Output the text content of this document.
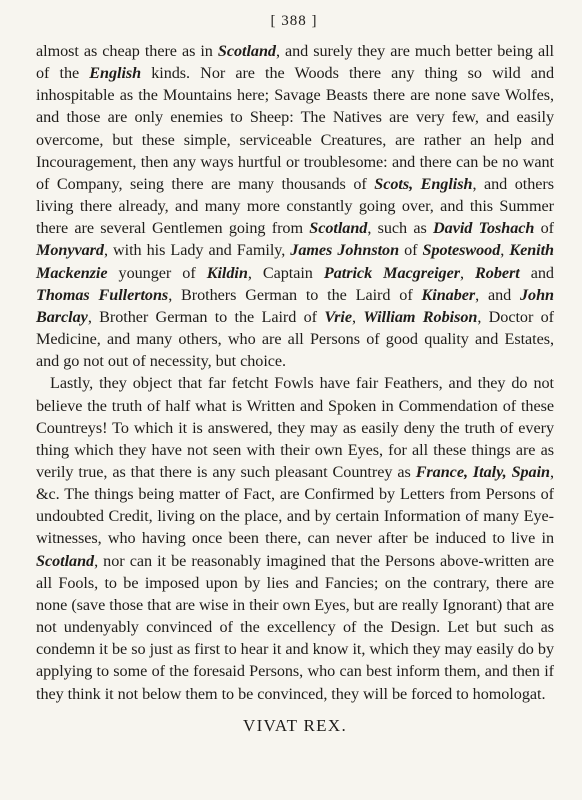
[ 388 ]

almost as cheap there as in Scotland, and surely they are much better being all of the English kinds. Nor are the Woods there any thing so wild and inhospitable as the Mountains here; Savage Beasts there are none save Wolfes, and those are only enemies to Sheep: The Natives are very few, and easily overcome, but these simple, serviceable Creatures, are rather an help and Incouragement, then any ways hurtful or troublesome: and there can be no want of Company, seing there are many thousands of Scots, English, and others living there already, and many more constantly going over, and this Summer there are several Gentlemen going from Scotland, such as David Toshach of Monyvard, with his Lady and Family, James Johnston of Spoteswood, Kenith Mackenzie younger of Kildin, Captain Patrick Macgreiger, Robert and Thomas Fullertons, Brothers German to the Laird of Kinaber, and John Barclay, Brother German to the Laird of Vrie, William Robison, Doctor of Medicine, and many others, who are all Persons of good quality and Estates, and go not out of necessity, but choice.

Lastly, they object that far fetcht Fowls have fair Feathers, and they do not believe the truth of half what is Written and Spoken in Commendation of these Countreys! To which it is answered, they may as easily deny the truth of every thing which they have not seen with their own Eyes, for all these things are as verily true, as that there is any such pleasant Countrey as France, Italy, Spain, &c. The things being matter of Fact, are Confirmed by Letters from Persons of undoubted Credit, living on the place, and by certain Information of many Eye-witnesses, who having once been there, can never after be induced to live in Scotland, nor can it be reasonably imagined that the Persons above-written are all Fools, to be imposed upon by lies and Fancies; on the contrary, there are none (save those that are wise in their own Eyes, but are really Ignorant) that are not undenyably convinced of the excellency of the Design. Let but such as condemn it be so just as first to hear it and know it, which they may easily do by applying to some of the foresaid Persons, who can best inform them, and then if they think it not below them to be convinced, they will be forced to homologat.

VIVAT REX.
